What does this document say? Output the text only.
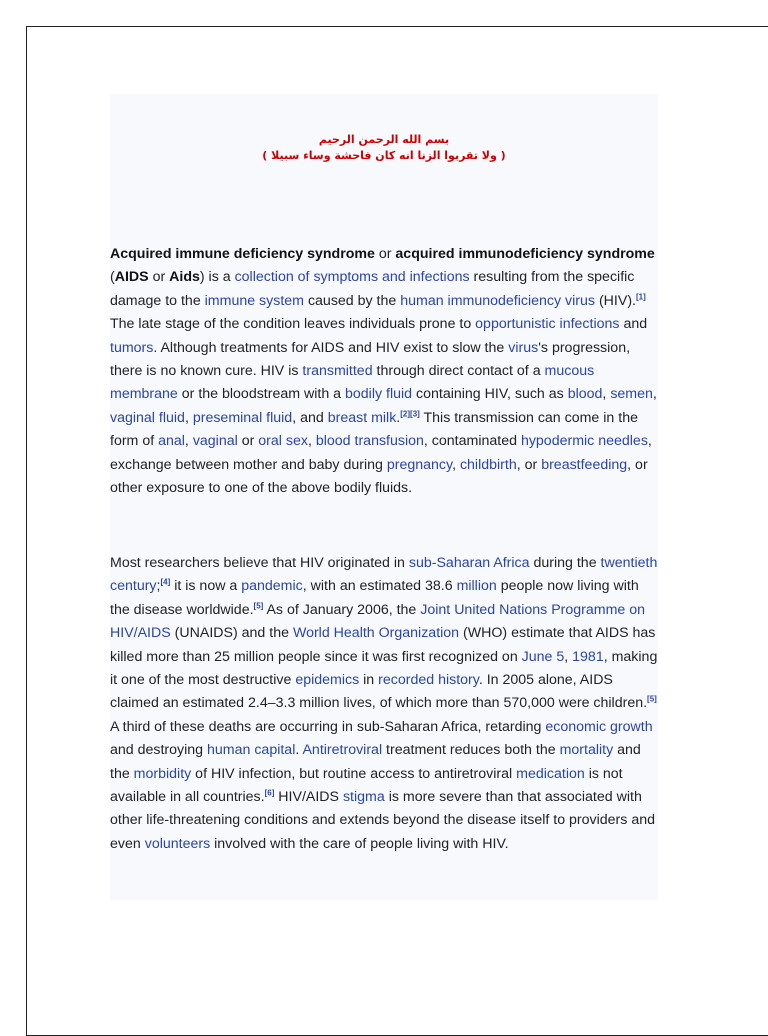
بسم الله الرحمن الرحيم
( ولا تقربوا الزنا انه كان فاحشة وساء سبيلا )

Acquired immune deficiency syndrome or acquired immunodeficiency syndrome (AIDS or Aids) is a collection of symptoms and infections resulting from the specific damage to the immune system caused by the human immunodeficiency virus (HIV).[1] The late stage of the condition leaves individuals prone to opportunistic infections and tumors. Although treatments for AIDS and HIV exist to slow the virus's progression, there is no known cure. HIV is transmitted through direct contact of a mucous membrane or the bloodstream with a bodily fluid containing HIV, such as blood, semen, vaginal fluid, preseminal fluid, and breast milk.[2][3] This transmission can come in the form of anal, vaginal or oral sex, blood transfusion, contaminated hypodermic needles, exchange between mother and baby during pregnancy, childbirth, or breastfeeding, or other exposure to one of the above bodily fluids.

Most researchers believe that HIV originated in sub-Saharan Africa during the twentieth century;[4] it is now a pandemic, with an estimated 38.6 million people now living with the disease worldwide.[5] As of January 2006, the Joint United Nations Programme on HIV/AIDS (UNAIDS) and the World Health Organization (WHO) estimate that AIDS has killed more than 25 million people since it was first recognized on June 5, 1981, making it one of the most destructive epidemics in recorded history. In 2005 alone, AIDS claimed an estimated 2.4–3.3 million lives, of which more than 570,000 were children.[5] A third of these deaths are occurring in sub-Saharan Africa, retarding economic growth and destroying human capital. Antiretroviral treatment reduces both the mortality and the morbidity of HIV infection, but routine access to antiretroviral medication is not available in all countries.[6] HIV/AIDS stigma is more severe than that associated with other life-threatening conditions and extends beyond the disease itself to providers and even volunteers involved with the care of people living with HIV.
